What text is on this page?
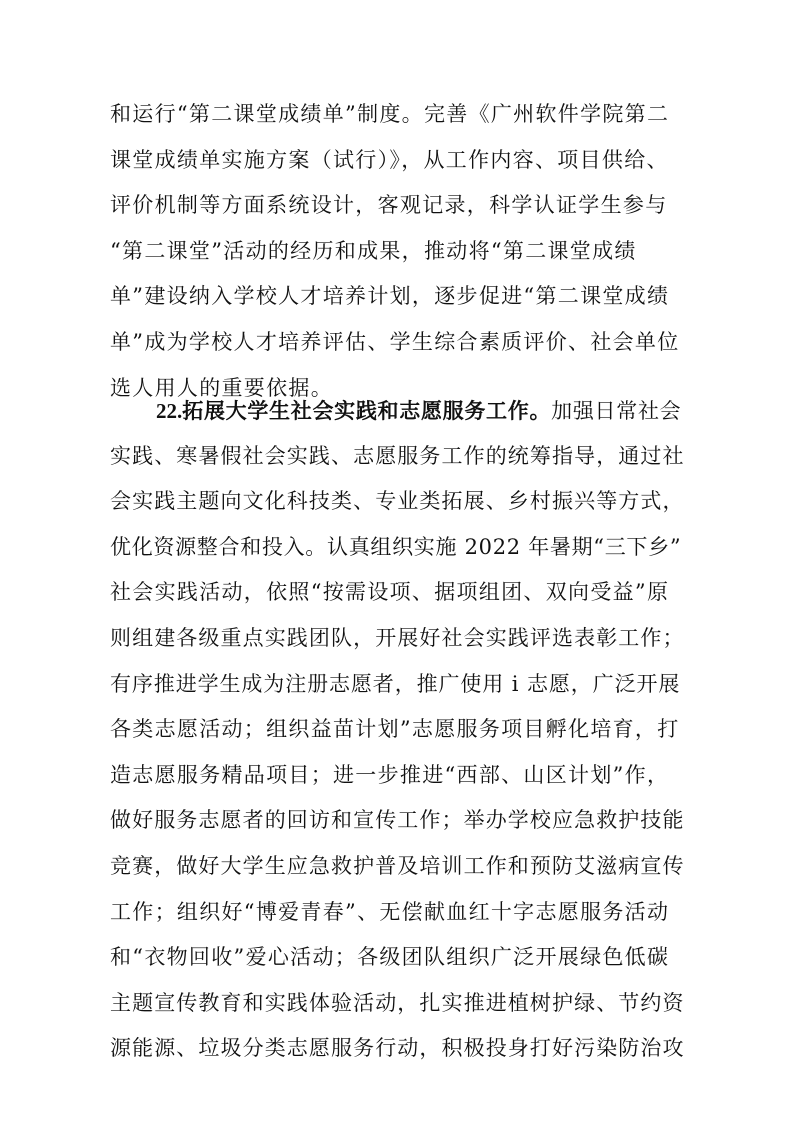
和运行“第二课堂成绩单”制度。完善《广州软件学院第二
课堂成绩单实施方案（试行）》，从工作内容、项目供给、
评价机制等方面系统设计，客观记录，科学认证学生参与
“第二课堂”活动的经历和成果，推动将“第二课堂成绩
单”建设纳入学校人才培养计划，逐步促进“第二课堂成绩
单”成为学校人才培养评估、学生综合素质评价、社会单位
选人用人的重要依据。
22.拓展大学生社会实践和志愿服务工作。加强日常社会
实践、寒暑假社会实践、志愿服务工作的统筹指导，通过社
会实践主题向文化科技类、专业类拓展、乡村振兴等方式，
优化资源整合和投入。认真组织实施 2022 年暑期“三下乡”
社会实践活动，依照“按需设项、据项组团、双向受益”原
则组建各级重点实践团队，开展好社会实践评选表彰工作；
有序推进学生成为注册志愿者，推广使用 i 志愿，广泛开展
各类志愿活动；组织益苗计划”志愿服务项目孵化培育，打
造志愿服务精品项目；进一步推进“西部、山区计划”作，
做好服务志愿者的回访和宣传工作；举办学校应急救护技能
竞赛，做好大学生应急救护普及培训工作和预防艾滋病宣传
工作；组织好“博爱青春”、无偿献血红十字志愿服务活动
和“衣物回收”爱心活动；各级团队组织广泛开展绿色低碳
主题宣传教育和实践体验活动，扎实推进植树护绿、节约资
源能源、垃圾分类志愿服务行动，积极投身打好污染防治攻
